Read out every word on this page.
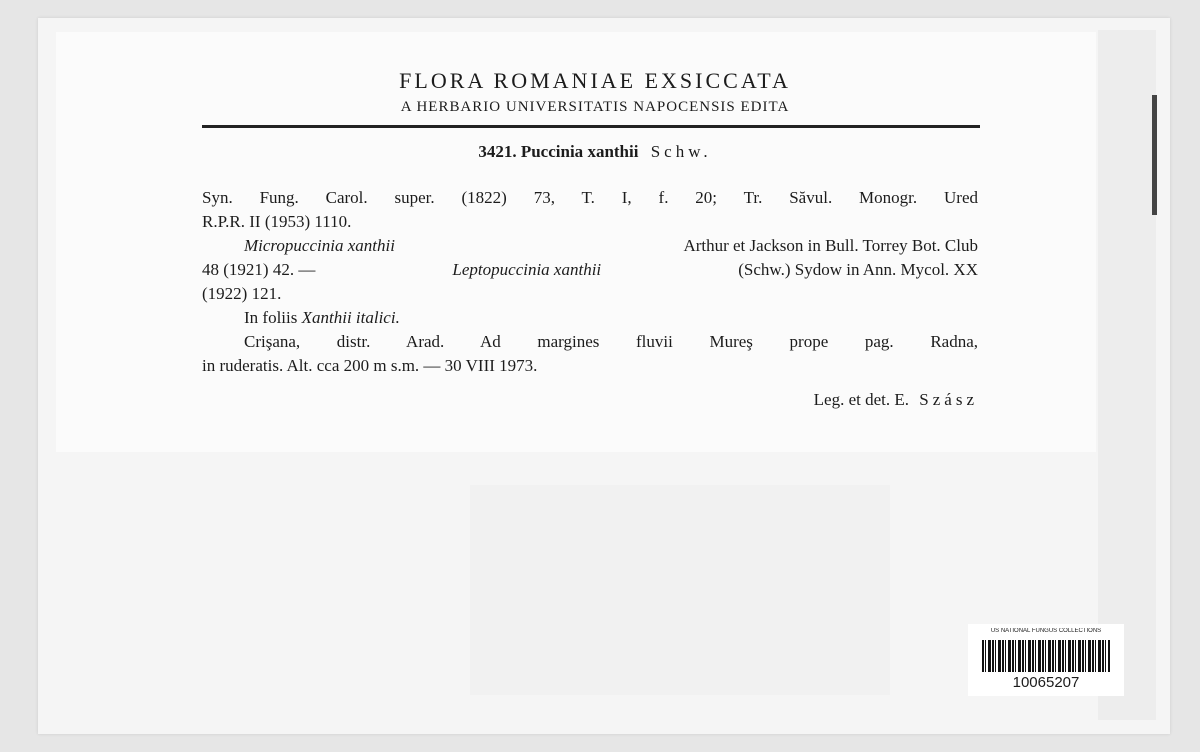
FLORA ROMANIAE EXSICCATA
A HERBARIO UNIVERSITATIS NAPOCENSIS EDITA
3421. Puccinia xanthii Schw.
Syn. Fung. Carol. super. (1822) 73, T. I, f. 20; Tr. Săvul. Monogr. Ured
R.P.R. II (1953) 1110.
Micropuccinia xanthii	Arthur et Jackson in Bull. Torrey Bot. Club
48 (1921) 42. —	Leptopuccinia xanthii	(Schw.) Sydow in Ann. Mycol. XX
(1922) 121.
In foliis Xanthii italici.
Crişana, distr. Arad. Ad margines fluvii Mureş prope pag. Radna,
in ruderatis. Alt. cca 200 m s.m. — 30 VIII 1973.
Leg. et det. E. Szász
US NATIONAL FUNGUS COLLECTIONS
10065207
